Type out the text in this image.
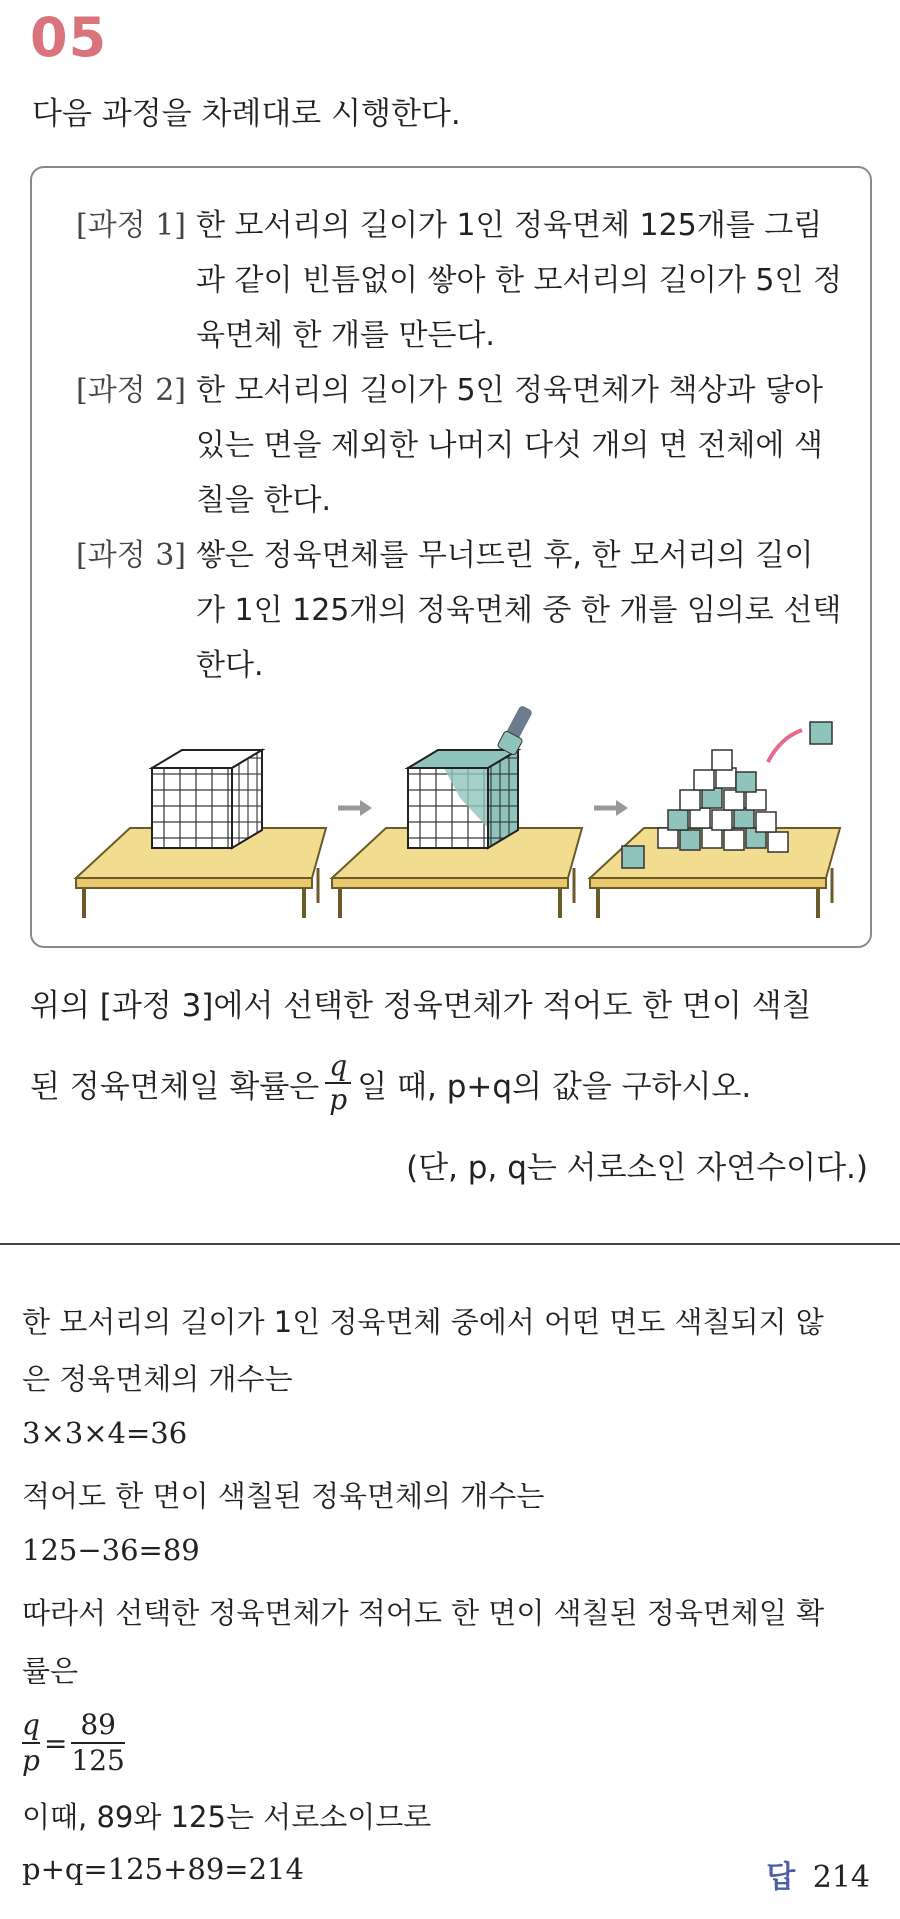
05
다음 과정을 차례대로 시행한다.
[과정 1] 한 모서리의 길이가 1인 정육면체 125개를 그림과 같이 빈틈없이 쌓아 한 모서리의 길이가 5인 정육면체 한 개를 만든다.
[과정 2] 한 모서리의 길이가 5인 정육면체가 책상과 닿아 있는 면을 제외한 나머지 다섯 개의 면 전체에 색칠을 한다.
[과정 3] 쌓은 정육면체를 무너뜨린 후, 한 모서리의 길이가 1인 125개의 정육면체 중 한 개를 임의로 선택한다.
위의 [과정 3]에서 선택한 정육면체가 적어도 한 면이 색칠
된 정육면체일 확률은 $\frac{q}{p}$ 일 때, p+q의 값을 구하시오.
(단, p, q는 서로소인 자연수이다.)
한 모서리의 길이가 1인 정육면체 중에서 어떤 면도 색칠되지 않
은 정육면체의 개수는
3×3×4=36
적어도 한 면이 색칠된 정육면체의 개수는
125−36=89
따라서 선택한 정육면체가 적어도 한 면이 색칠된 정육면체일 확
률은
q
p
=
89
125
이때, 89와 125는 서로소이므로
p+q=125+89=214	답 214
